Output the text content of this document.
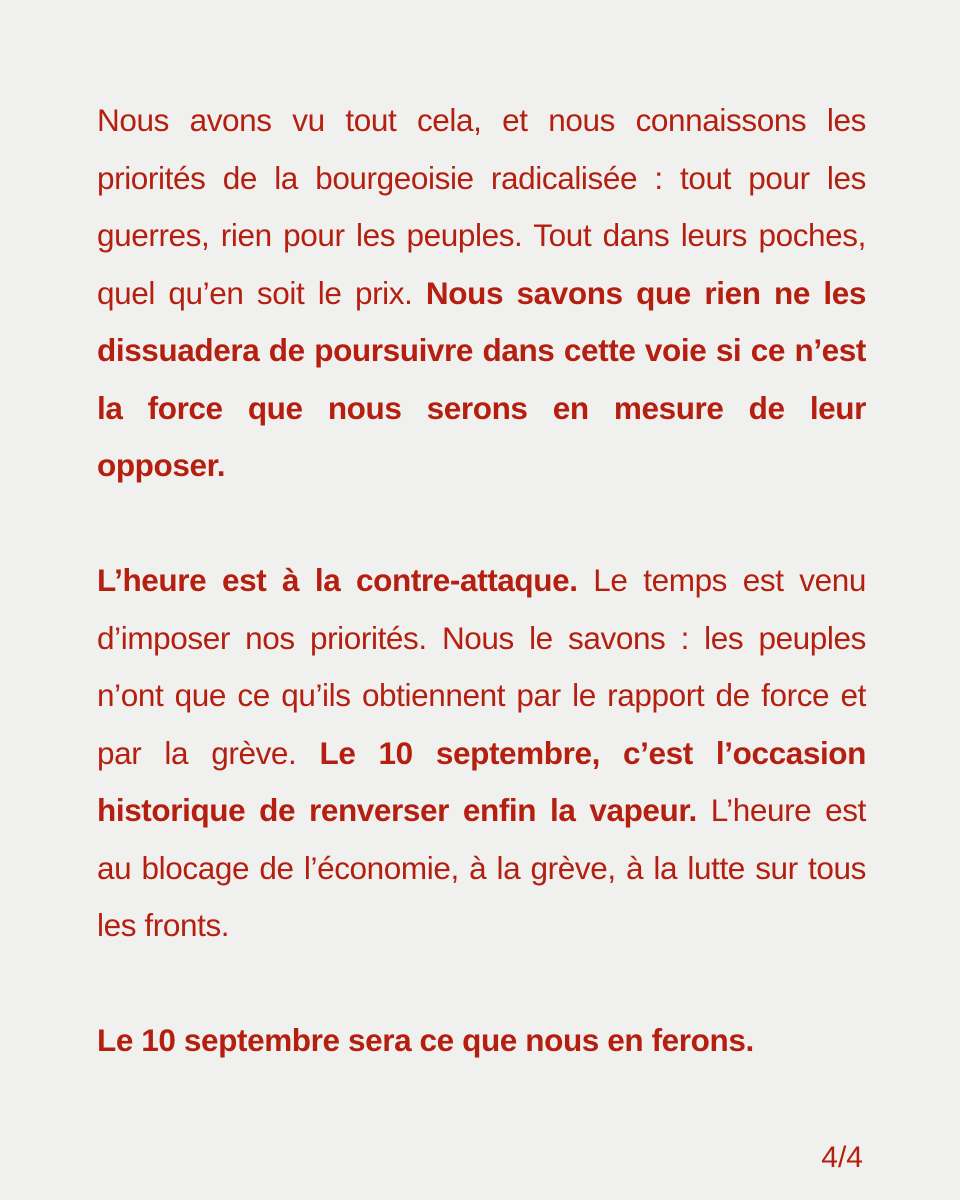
Nous avons vu tout cela, et nous connaissons les priorités de la bourgeoisie radicalisée : tout pour les guerres, rien pour les peuples. Tout dans leurs poches, quel qu’en soit le prix. Nous savons que rien ne les dissuadera de poursuivre dans cette voie si ce n’est la force que nous serons en mesure de leur opposer.

L’heure est à la contre-attaque. Le temps est venu d’imposer nos priorités. Nous le savons : les peuples n’ont que ce qu’ils obtiennent par le rapport de force et par la grève. Le 10 septembre, c’est l’occasion historique de renverser enfin la vapeur. L’heure est au blocage de l’économie, à la grève, à la lutte sur tous les fronts.

Le 10 septembre sera ce que nous en ferons.

4/4
